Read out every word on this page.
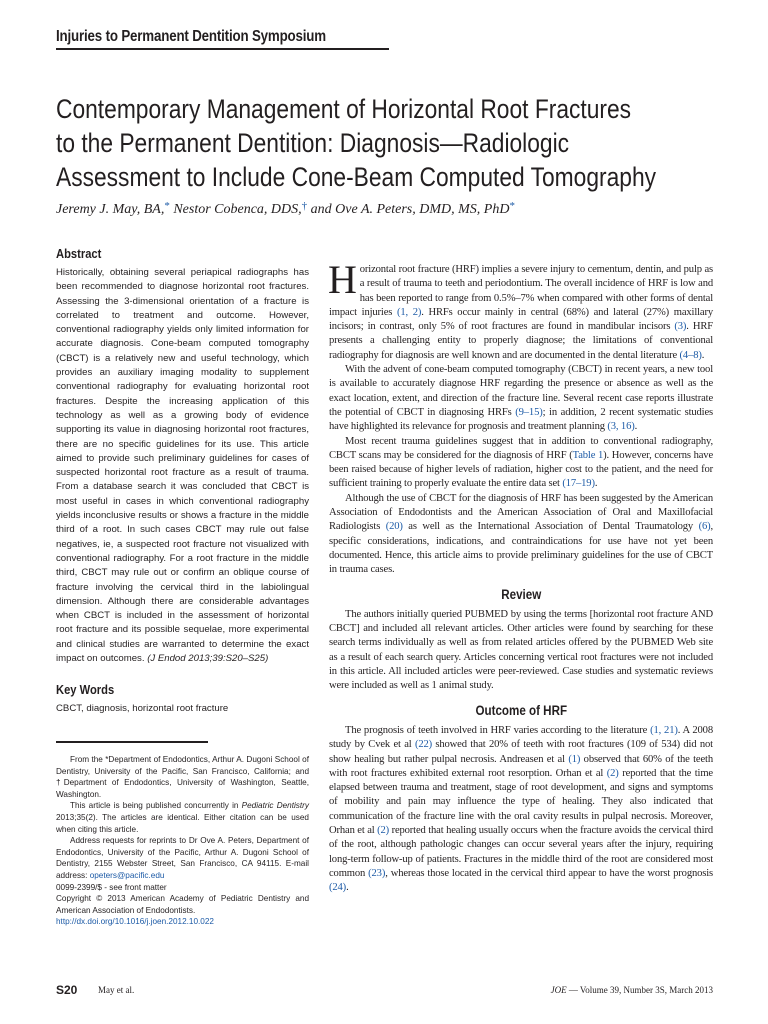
Injuries to Permanent Dentition Symposium
Contemporary Management of Horizontal Root Fractures
to the Permanent Dentition: Diagnosis—Radiologic
Assessment to Include Cone-Beam Computed Tomography
Jeremy J. May, BA,* Nestor Cobenca, DDS,† and Ove A. Peters, DMD, MS, PhD*
Abstract
Historically, obtaining several periapical radiographs has been recommended to diagnose horizontal root fractures. Assessing the 3-dimensional orientation of a fracture is correlated to treatment and outcome. However, conventional radiography yields only limited information for accurate diagnosis. Cone-beam computed tomography (CBCT) is a relatively new and useful technology, which provides an auxiliary imaging modality to supplement conventional radiography for evaluating horizontal root fractures. Despite the increasing application of this technology as well as a growing body of evidence supporting its value in diagnosing horizontal root fractures, there are no specific guidelines for its use. This article aimed to provide such preliminary guidelines for cases of suspected horizontal root fracture as a result of trauma. From a database search it was concluded that CBCT is most useful in cases in which conventional radiography yields inconclusive results or shows a fracture in the middle third of a root. In such cases CBCT may rule out false negatives, ie, a suspected root fracture not visualized with conventional radiography. For a root fracture in the middle third, CBCT may rule out or confirm an oblique course of fracture involving the cervical third in the labiolingual dimension. Although there are considerable advantages when CBCT is included in the assessment of horizontal root fracture and its possible sequelae, more experimental and clinical studies are warranted to determine the exact impact on outcomes. (J Endod 2013;39:S20–S25)
Key Words
CBCT, diagnosis, horizontal root fracture

From the *Department of Endodontics, Arthur A. Dugoni School of Dentistry, University of the Pacific, San Francisco, California; and †Department of Endodontics, University of Washington, Seattle, Washington.

This article is being published concurrently in Pediatric Dentistry 2013;35(2). The articles are identical. Either citation can be used when citing this article.

Address requests for reprints to Dr Ove A. Peters, Department of Endodontics, University of the Pacific, Arthur A. Dugoni School of Dentistry, 2155 Webster Street, San Francisco, CA 94115. E-mail address: opeters@pacific.edu

0099-2399/$ - see front matter

Copyright © 2013 American Academy of Pediatric Dentistry and American Association of Endodontists.

http://dx.doi.org/10.1016/j.joen.2012.10.022

Horizontal root fracture (HRF) implies a severe injury to cementum, dentin, and pulp as a result of trauma to teeth and periodontium. The overall incidence of HRF is low and has been reported to range from 0.5%–7% when compared with other forms of dental impact injuries (1, 2). HRFs occur mainly in central (68%) and lateral (27%) maxillary incisors; in contrast, only 5% of root fractures are found in mandibular incisors (3). HRF presents a challenging entity to properly diagnose; the limitations of conventional radiography for diagnosis are well known and are documented in the dental literature (4–8).

With the advent of cone-beam computed tomography (CBCT) in recent years, a new tool is available to accurately diagnose HRF regarding the presence or absence as well as the exact location, extent, and direction of the fracture line. Several recent case reports illustrate the potential of CBCT in diagnosing HRFs (9–15); in addition, 2 recent systematic studies have highlighted its relevance for prognosis and treatment planning (3, 16).

Most recent trauma guidelines suggest that in addition to conventional radiography, CBCT scans may be considered for the diagnosis of HRF (Table 1). However, concerns have been raised because of higher levels of radiation, higher cost to the patient, and the need for sufficient training to properly evaluate the entire data set (17–19).

Although the use of CBCT for the diagnosis of HRF has been suggested by the American Association of Endodontists and the American Association of Oral and Maxillofacial Radiologists (20) as well as the International Association of Dental Traumatology (6), specific considerations, indications, and contraindications for use have not yet been documented. Hence, this article aims to provide preliminary guidelines for the use of CBCT in trauma cases.

Review

The authors initially queried PUBMED by using the terms [horizontal root fracture AND CBCT] and included all relevant articles. Other articles were found by searching for these search terms individually as well as from related articles offered by the PUBMED Web site as a result of each search query. Articles concerning vertical root fractures were not included in this article. All included articles were peer-reviewed. Case studies and systematic reviews were included as well as 1 animal study.

Outcome of HRF

The prognosis of teeth involved in HRF varies according to the literature (1, 21). A 2008 study by Cvek et al (22) showed that 20% of teeth with root fractures (109 of 534) did not show healing but rather pulpal necrosis. Andreasen et al (1) observed that 60% of the teeth with root fractures exhibited external root resorption. Orhan et al (2) reported that the time elapsed between trauma and treatment, stage of root development, and signs and symptoms of mobility and pain may influence the type of healing. They also indicated that communication of the fracture line with the oral cavity results in pulpal necrosis. Moreover, Orhan et al (2) reported that healing usually occurs when the fracture avoids the cervical third of the root, although pathologic changes can occur several years after the injury, requiring long-term follow-up of patients. Fractures in the middle third of the root are considered most common (23), whereas those located in the cervical third appear to have the worst prognosis (24).

S20 May et al.	JOE — Volume 39, Number 3S, March 2013
